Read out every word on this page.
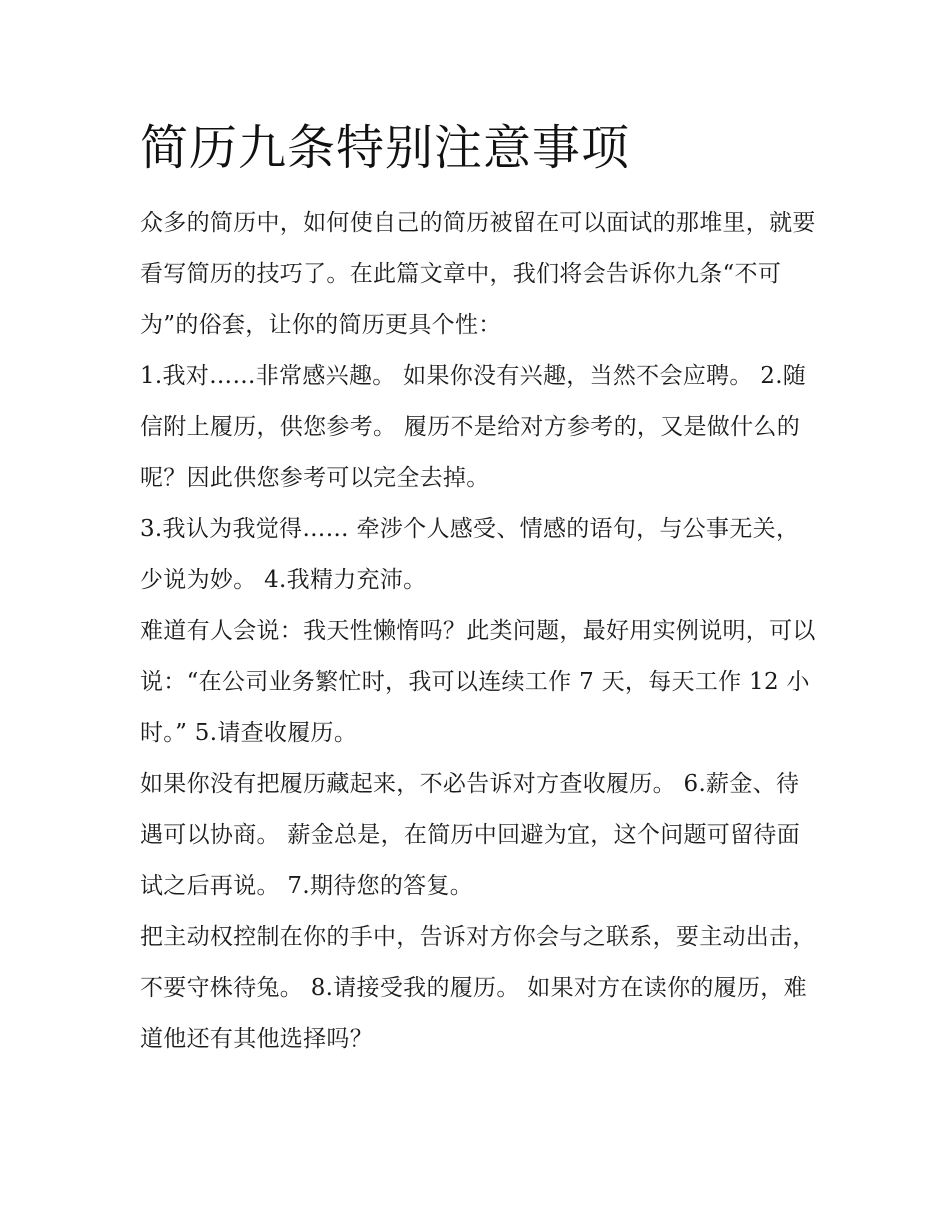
简历九条特别注意事项

众多的简历中，如何使自己的简历被留在可以面试的那堆里，就要看写简历的技巧了。在此篇文章中，我们将会告诉你九条“不可为”的俗套，让你的简历更具个性：

1.我对……非常感兴趣。 如果你没有兴趣，当然不会应聘。 2.随信附上履历，供您参考。 履历不是给对方参考的，又是做什么的呢？因此供您参考可以完全去掉。

3.我认为我觉得…… 牵涉个人感受、情感的语句，与公事无关，少说为妙。 4.我精力充沛。

难道有人会说：我天性懒惰吗？此类问题，最好用实例说明，可以说：“在公司业务繁忙时，我可以连续工作 7 天，每天工作 12 小时。” 5.请查收履历。

如果你没有把履历藏起来，不必告诉对方查收履历。 6.薪金、待遇可以协商。 薪金总是，在简历中回避为宜，这个问题可留待面试之后再说。 7.期待您的答复。

把主动权控制在你的手中，告诉对方你会与之联系，要主动出击，不要守株待兔。 8.请接受我的履历。 如果对方在读你的履历，难道他还有其他选择吗？
